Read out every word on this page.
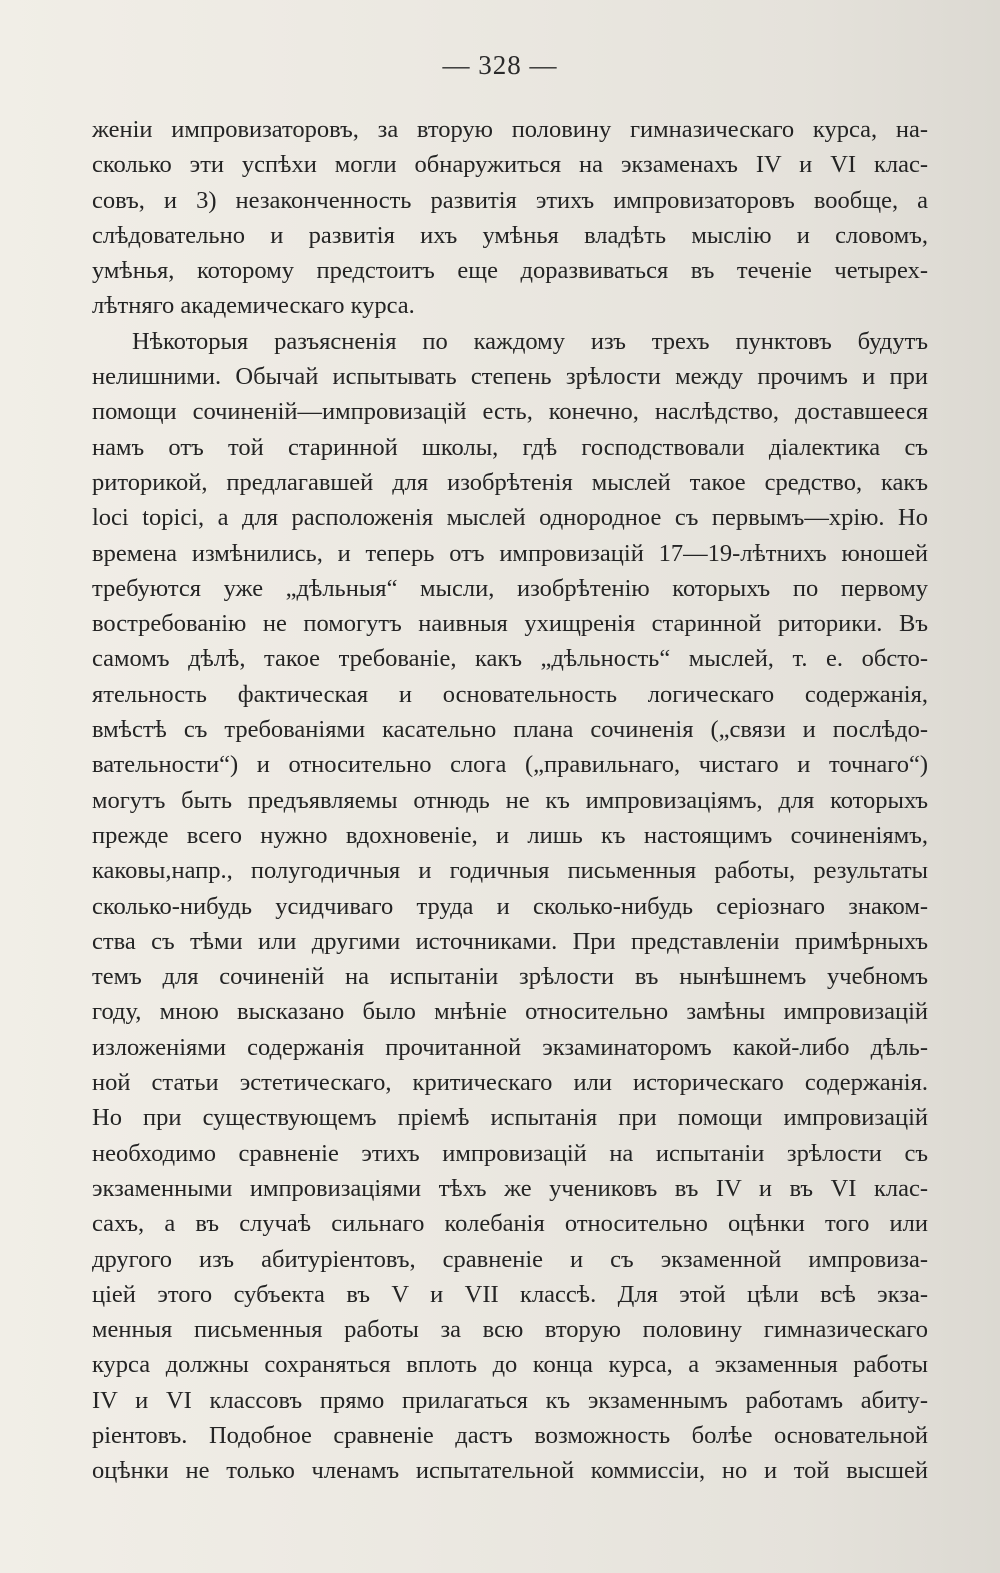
— 328 —
женіи импровизаторовъ, за вторую половину гимназическаго курса, на-
сколько эти успѣхи могли обнаружиться на экзаменахъ IV и VI клас-
совъ, и 3) незаконченность развитія этихъ импровизаторовъ вообще, а
слѣдовательно и развитія ихъ умѣнья владѣть мыслію и словомъ,
умѣнья, которому предстоитъ еще доразвиваться въ теченіе четырех-
лѣтняго академическаго курса.
Нѣкоторыя разъясненія по каждому изъ трехъ пунктовъ будутъ
нелишними. Обычай испытывать степень зрѣлости между прочимъ и при
помощи сочиненій—импровизацій есть, конечно, наслѣдство, доставшееся
намъ отъ той старинной школы, гдѣ господствовали діалектика съ
риторикой, предлагавшей для изобрѣтенія мыслей такое средство, какъ
loci topici, а для расположенія мыслей однородное съ первымъ—хрію. Но
времена измѣнились, и теперь отъ импровизацій 17—19-лѣтнихъ юношей
требуются уже „дѣльныя“ мысли, изобрѣтенію которыхъ по первому
востребованію не помогутъ наивныя ухищренія старинной риторики. Въ
самомъ дѣлѣ, такое требованіе, какъ „дѣльность“ мыслей, т. е. обсто-
ятельность фактическая и основательность логическаго содержанія,
вмѣстѣ съ требованіями касательно плана сочиненія („связи и послѣдо-
вательности“) и относительно слога („правильнаго, чистаго и точнаго“)
могутъ быть предъявляемы отнюдь не къ импровизаціямъ, для которыхъ
прежде всего нужно вдохновеніе, и лишь къ настоящимъ сочиненіямъ,
каковы,напр., полугодичныя и годичныя письменныя работы, результаты
сколько-нибудь усидчиваго труда и сколько-нибудь серіознаго знаком-
ства съ тѣми или другими источниками. При представленіи примѣрныхъ
темъ для сочиненій на испытаніи зрѣлости въ нынѣшнемъ учебномъ
году, мною высказано было мнѣніе относительно замѣны импровизацій
изложеніями содержанія прочитанной экзаминаторомъ какой-либо дѣль-
ной статьи эстетическаго, критическаго или историческаго содержанія.
Но при существующемъ пріемѣ испытанія при помощи импровизацій
необходимо сравненіе этихъ импровизацій на испытаніи зрѣлости съ
экзаменными импровизаціями тѣхъ же учениковъ въ IV и въ VI клас-
сахъ, а въ случаѣ сильнаго колебанія относительно оцѣнки того или
другого изъ абитуріентовъ, сравненіе и съ экзаменной импровиза-
ціей этого субъекта въ V и VII классѣ. Для этой цѣли всѣ экза-
менныя письменныя работы за всю вторую половину гимназическаго
курса должны сохраняться вплоть до конца курса, а экзаменныя работы
IV и VI классовъ прямо прилагаться къ экзаменнымъ работамъ абиту-
ріентовъ. Подобное сравненіе дастъ возможность болѣе основательной
оцѣнки не только членамъ испытательной коммиссіи, но и той высшей
